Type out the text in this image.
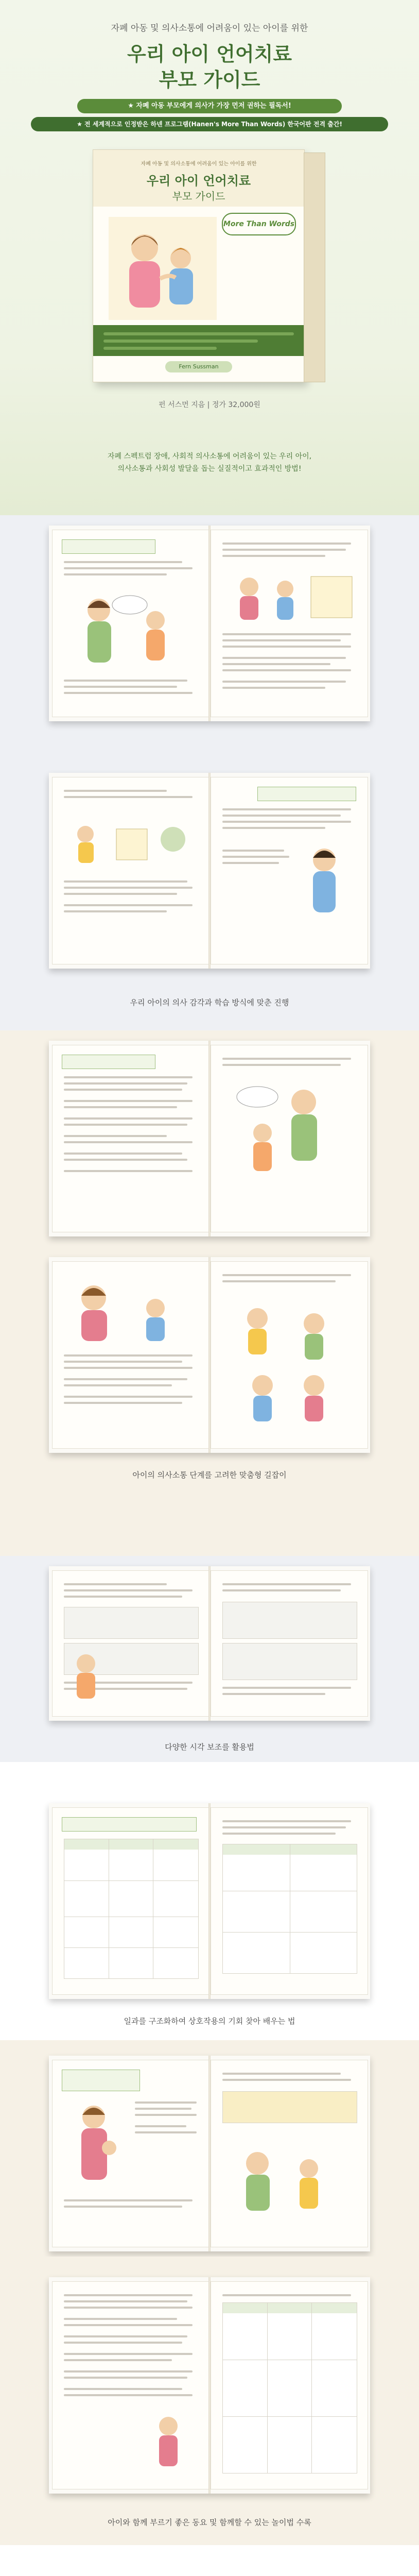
자폐 아동 및 의사소통에 어려움이 있는 아이를 위한
우리 아이 언어치료
부모 가이드
★ 자폐 아동 부모에게 의사가 가장 먼저 권하는 필독서!
★ 전 세계적으로 인정받은 하넨 프로그램(Hanen's More Than Words) 한국어판 전격 출간!
자폐 아동 및 의사소통에 어려움이 있는 아이를 위한
우리 아이 언어치료
부모 가이드
More Than Words
Fern Sussman
펀 서스먼 지음 | 정가 32,000원
자폐 스펙트럼 장애, 사회적 의사소통에 어려움이 있는 우리 아이,
의사소통과 사회성 발달을 돕는 실질적이고 효과적인 방법!
우리 아이의 의사 감각과 학습 방식에 맞춘 진행
아이의 의사소통 단계를 고려한 맞춤형 길잡이
다양한 시각 보조를 활용법
일과를 구조화하여 상호작용의 기회 찾아 배우는 법
아이와 함께 부르기 좋은 동요 및 함께할 수 있는 놀이법 수록
